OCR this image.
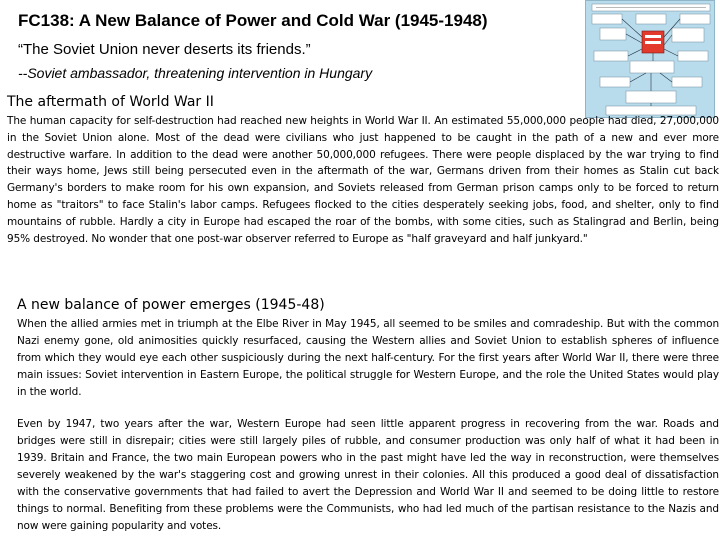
FC138: A New Balance of Power and Cold War (1945-1948)
“The Soviet Union never deserts its friends.”
--Soviet ambassador, threatening intervention in Hungary
The aftermath of World War II

The human capacity for self-destruction had reached new heights in World War II. An estimated 55,000,000 people had died, 27,000,000 in the Soviet Union alone. Most of the dead were civilians who just happened to be caught in the path of a new and ever more destructive warfare. In addition to the dead were another 50,000,000 refugees. There were people displaced by the war trying to find their ways home, Jews still being persecuted even in the aftermath of the war, Germans driven from their homes as Stalin cut back Germany's borders to make room for his own expansion, and Soviets released from German prison camps only to be forced to return home as "traitors" to face Stalin's labor camps. Refugees flocked to the cities desperately seeking jobs, food, and shelter, only to find mountains of rubble. Hardly a city in Europe had escaped the roar of the bombs, with some cities, such as Stalingrad and Berlin, being 95% destroyed. No wonder that one post-war observer referred to Europe as "half graveyard and half junkyard."

A new balance of power emerges (1945-48)

When the allied armies met in triumph at the Elbe River in May 1945, all seemed to be smiles and comradeship. But with the common Nazi enemy gone, old animosities quickly resurfaced, causing the Western allies and Soviet Union to establish spheres of influence from which they would eye each other suspiciously during the next half-century. For the first years after World War II, there were three main issues: Soviet intervention in Eastern Europe, the political struggle for Western Europe, and the role the United States would play in the world.

Even by 1947, two years after the war, Western Europe had seen little apparent progress in recovering from the war. Roads and bridges were still in disrepair; cities were still largely piles of rubble, and consumer production was only half of what it had been in 1939. Britain and France, the two main European powers who in the past might have led the way in reconstruction, were themselves severely weakened by the war's staggering cost and growing unrest in their colonies. All this produced a good deal of dissatisfaction with the conservative governments that had failed to avert the Depression and World War II and seemed to be doing little to restore things to normal. Benefiting from these problems were the Communists, who had led much of the partisan resistance to the Nazis and now were gaining popularity and votes.
